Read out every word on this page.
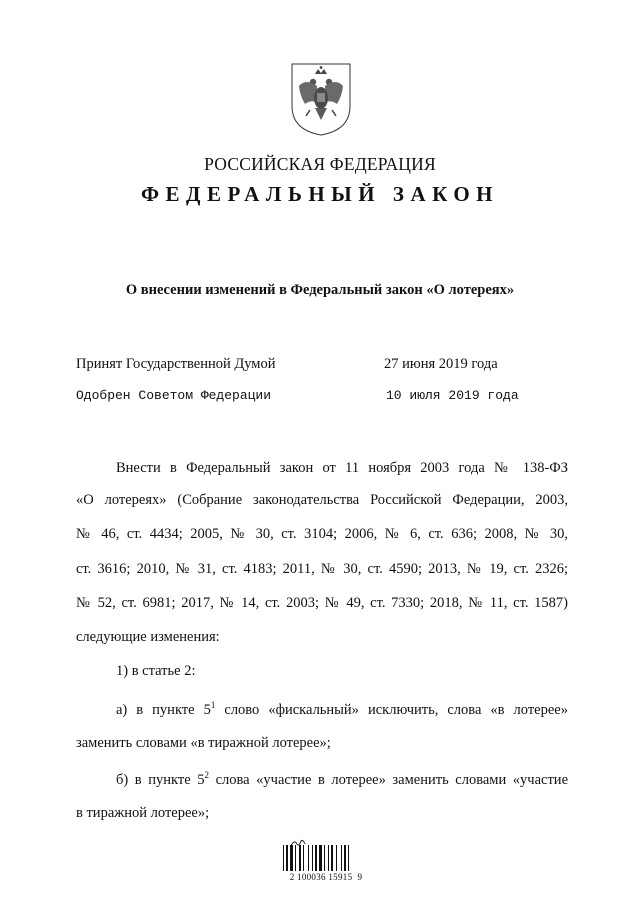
РОССИЙСКАЯ ФЕДЕРАЦИЯ
ФЕДЕРАЛЬНЫЙ ЗАКОН
О внесении изменений в Федеральный закон «О лотереях»
Принят Государственной Думой	27 июня 2019 года
Одобрен Советом Федерации	10 июля 2019 года
Внести в Федеральный закон от 11 ноября 2003 года № 138-ФЗ
«О лотереях» (Собрание законодательства Российской Федерации, 2003,
№ 46, ст. 4434; 2005, № 30, ст. 3104; 2006, № 6, ст. 636; 2008, № 30,
ст. 3616; 2010, № 31, ст. 4183; 2011, № 30, ст. 4590; 2013, № 19, ст. 2326;
№ 52, ст. 6981; 2017, № 14, ст. 2003; № 49, ст. 7330; 2018, № 11, ст. 1587)
следующие изменения:
1) в статье 2:
а) в пункте $5^1$ слово «фискальный» исключить, слова «в лотерее»
заменить словами «в тиражной лотерее»;
б) в пункте $5^2$ слова «участие в лотерее» заменить словами «участие
в тиражной лотерее»;
2 100036 15915  9
